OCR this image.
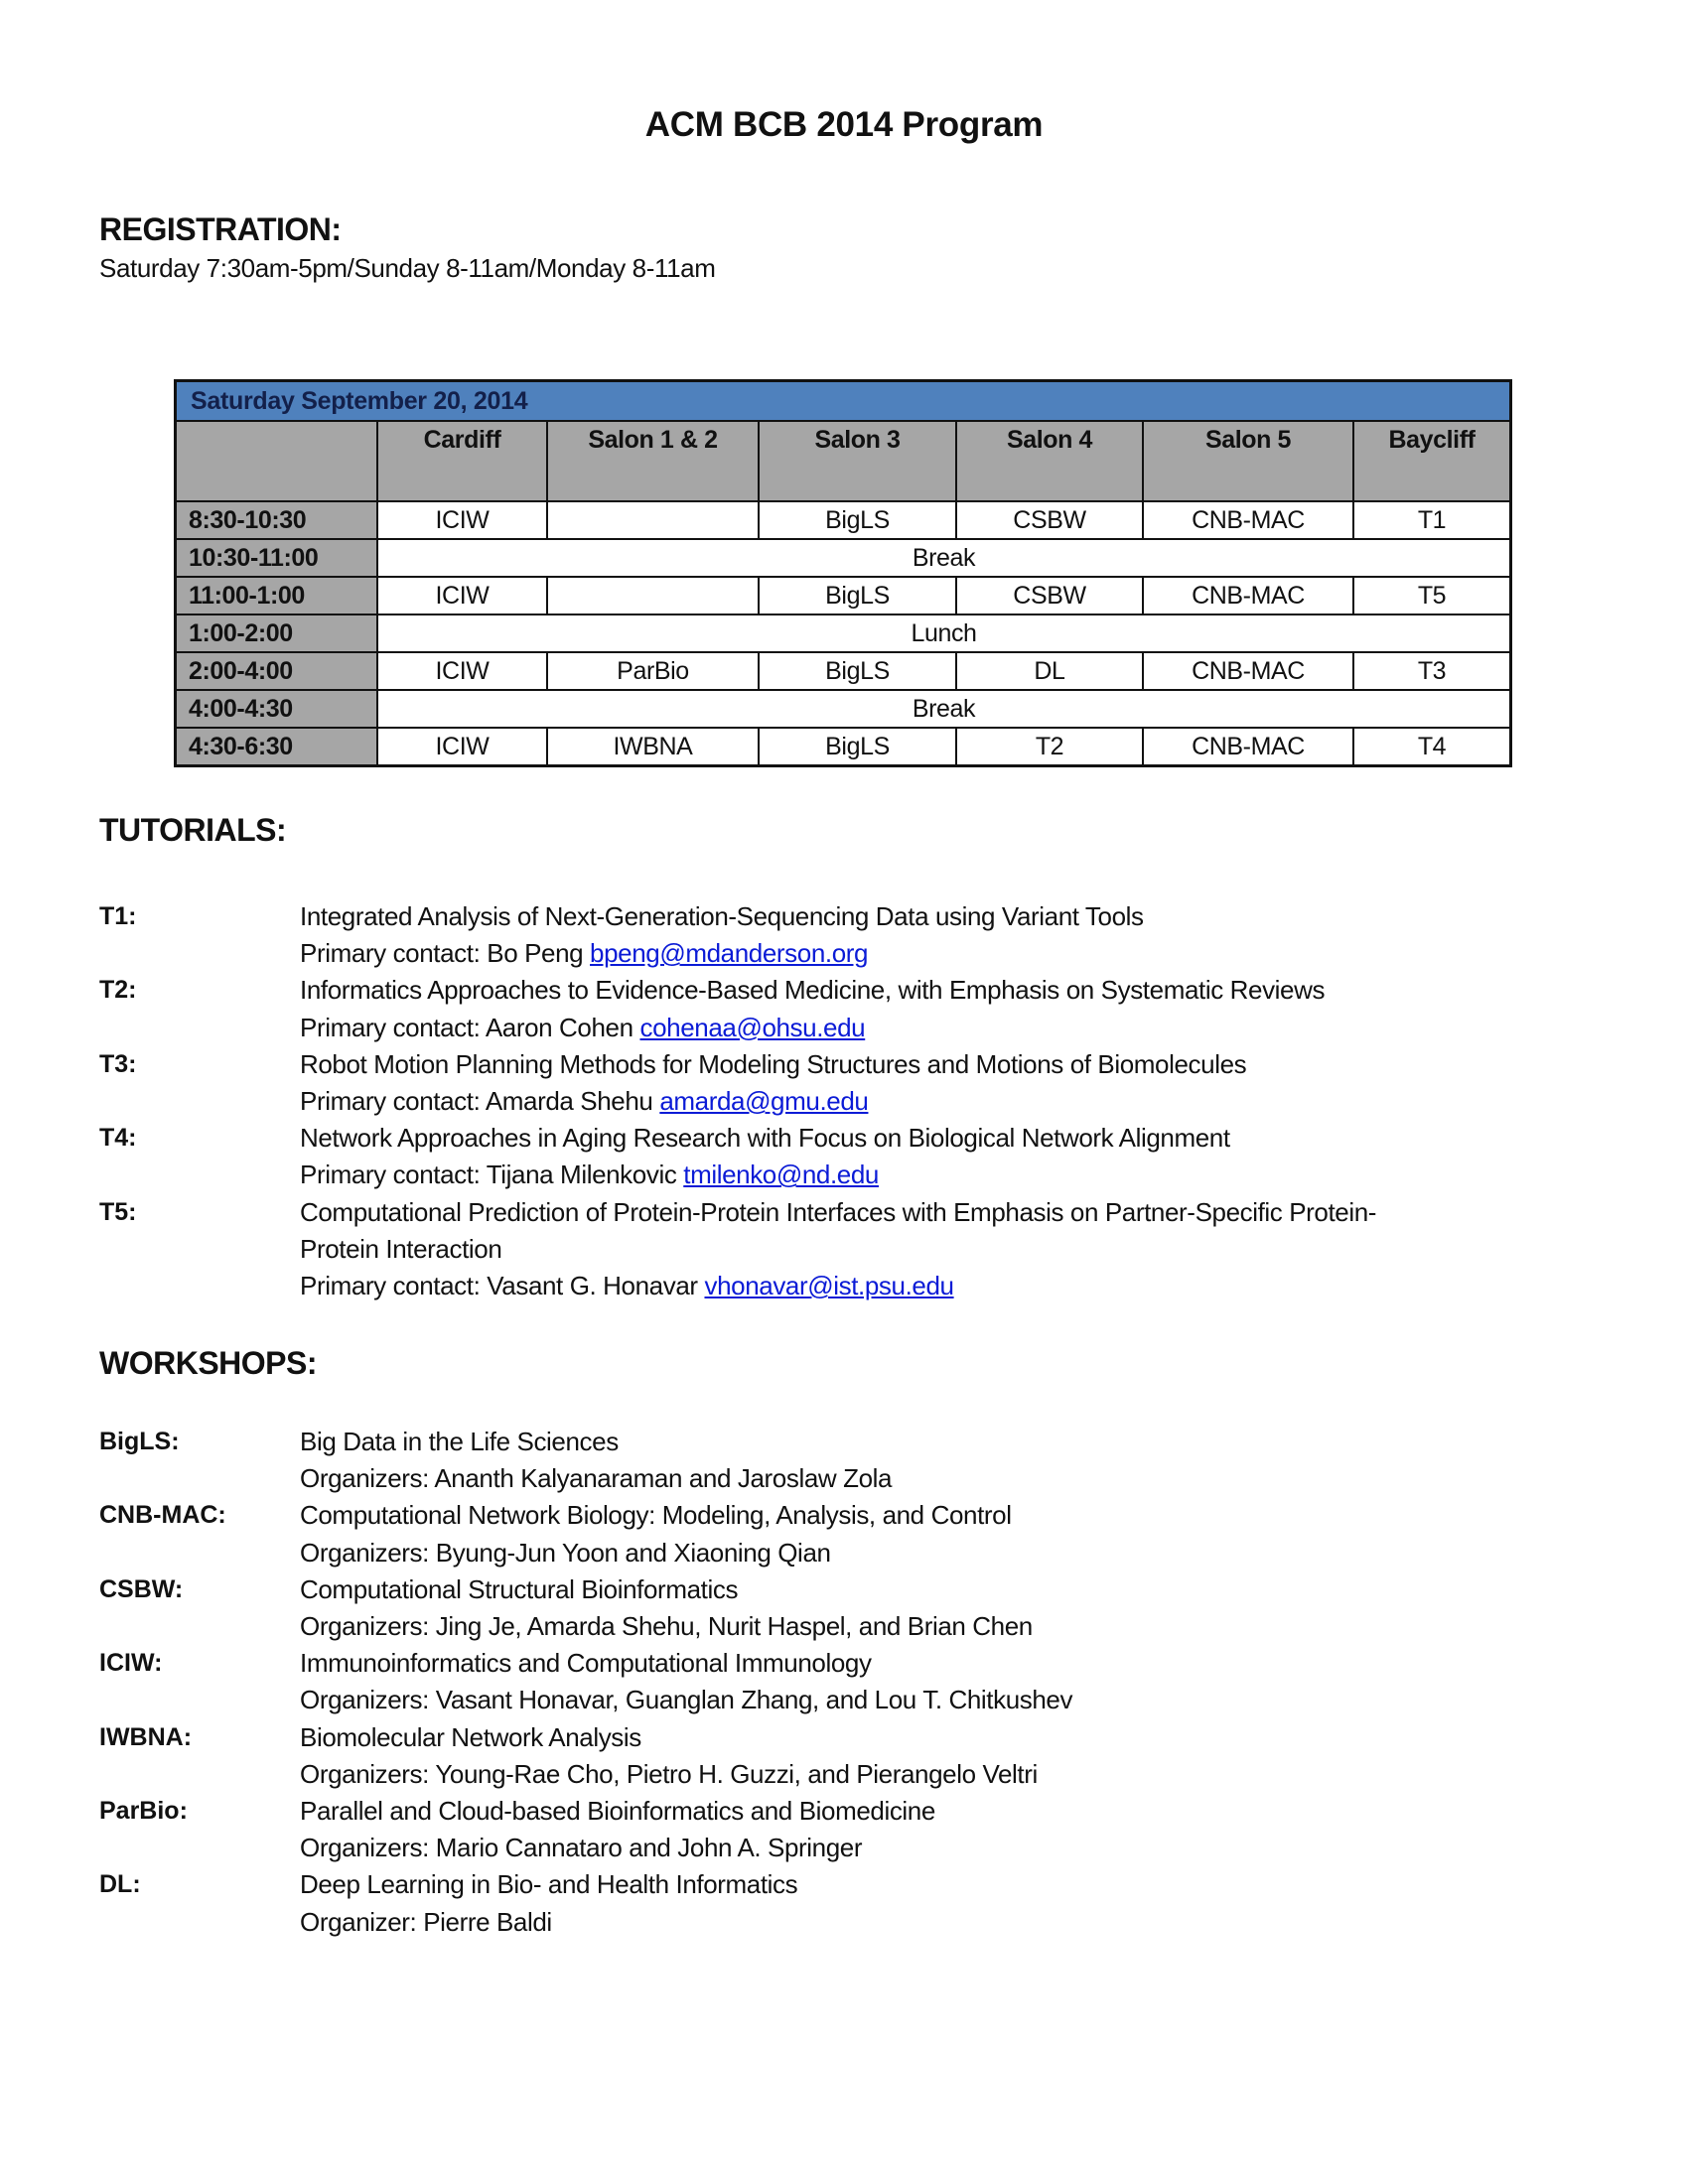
ACM BCB 2014 Program
REGISTRATION:
Saturday 7:30am-5pm/Sunday 8-11am/Monday 8-11am
Saturday September 20, 2014
	Cardiff	Salon 1 & 2	Salon 3	Salon 4	Salon 5	Baycliff
8:30-10:30	ICIW		BigLS	CSBW	CNB-MAC	T1
10:30-11:00	Break					
11:00-1:00	ICIW		BigLS	CSBW	CNB-MAC	T5
1:00-2:00	Lunch					
2:00-4:00	ICIW	ParBio	BigLS	DL	CNB-MAC	T3
4:00-4:30	Break					
4:30-6:30	ICIW	IWBNA	BigLS	T2	CNB-MAC	T4
TUTORIALS:
T1:	Integrated Analysis of Next-Generation-Sequencing Data using Variant Tools
Primary contact: Bo Peng bpeng@mdanderson.org
T2:	Informatics Approaches to Evidence-Based Medicine, with Emphasis on Systematic Reviews
Primary contact: Aaron Cohen cohenaa@ohsu.edu
T3:	Robot Motion Planning Methods for Modeling Structures and Motions of Biomolecules
Primary contact: Amarda Shehu amarda@gmu.edu
T4:	Network Approaches in Aging Research with Focus on Biological Network Alignment
Primary contact: Tijana Milenkovic tmilenko@nd.edu
T5:	Computational Prediction of Protein-Protein Interfaces with Emphasis on Partner-Specific Protein-
Protein Interaction
Primary contact: Vasant G. Honavar vhonavar@ist.psu.edu
WORKSHOPS:
BigLS:	Big Data in the Life Sciences
Organizers: Ananth Kalyanaraman and Jaroslaw Zola
CNB-MAC:	Computational Network Biology: Modeling, Analysis, and Control
Organizers: Byung-Jun Yoon and Xiaoning Qian
CSBW:	Computational Structural Bioinformatics
Organizers: Jing Je, Amarda Shehu, Nurit Haspel, and Brian Chen
ICIW:	Immunoinformatics and Computational Immunology
Organizers: Vasant Honavar, Guanglan Zhang, and Lou T. Chitkushev
IWBNA:	Biomolecular Network Analysis
Organizers: Young-Rae Cho, Pietro H. Guzzi, and Pierangelo Veltri
ParBio:	Parallel and Cloud-based Bioinformatics and Biomedicine
Organizers: Mario Cannataro and John A. Springer
DL:	Deep Learning in Bio- and Health Informatics
Organizer: Pierre Baldi
